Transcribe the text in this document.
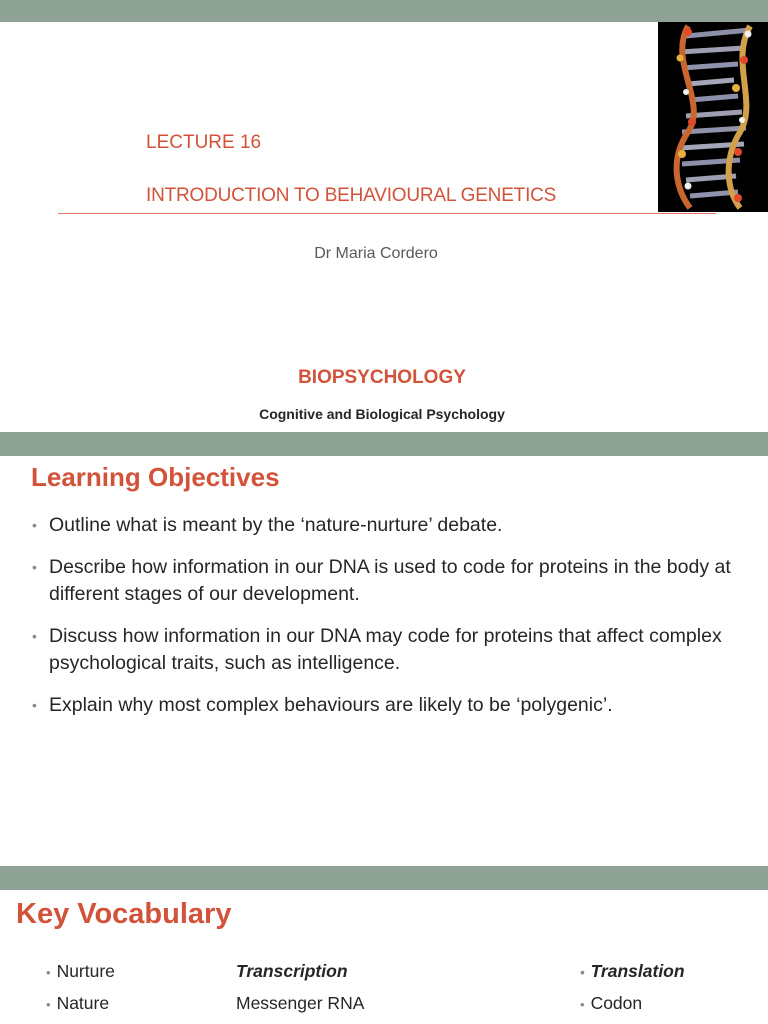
LECTURE 16
INTRODUCTION TO BEHAVIOURAL GENETICS
Dr Maria Cordero
BIOPSYCHOLOGY
Cognitive and Biological Psychology
Learning Objectives
• Outline what is meant by the ‘nature-nurture’ debate.
• Describe how information in our DNA is used to code for proteins in the body at different stages of our development.
• Discuss how information in our DNA may code for proteins that affect complex psychological traits, such as intelligence.
• Explain why most complex behaviours are likely to be ‘polygenic’.
Key Vocabulary
• Nurture
• Nature
Transcription
Messenger RNA
• Translation
• Codon
